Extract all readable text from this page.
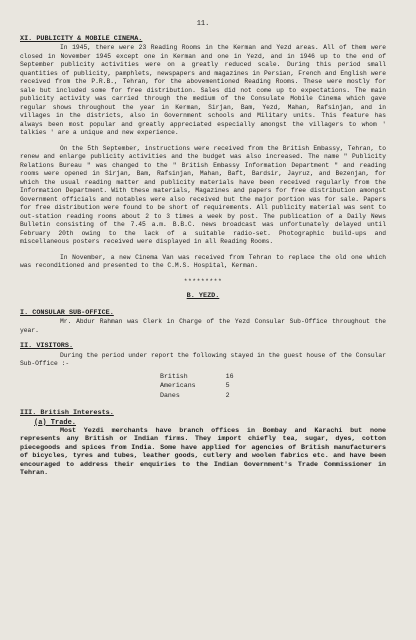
11.
XI. PUBLICITY & MOBILE CINEMA.

In 1945, there were 23 Reading Rooms in the Kerman and Yezd areas. All of them were closed in November 1945 except one in Kerman and one in Yezd, and in 1946 up to the end of September publicity activities were on a greatly reduced scale. During this period small quantities of publicity, pamphlets, newspapers and magazines in Persian, French and English were received from the P.R.B., Tehran, for the abovementioned Reading Rooms. These were mostly for sale but included some for free distribution. Sales did not come up to expectations. The main publicity activity was carried through the medium of the Consulate Mobile Cinema which gave regular shows throughout the year in Kerman, Sirjan, Bam, Yezd, Mahan, Rafsinjan, and in villages in the districts, also in Government schools and Military units. This feature has always been most popular and greatly appreciated especially amongst the villagers to whom ' talkies ' are a unique and new experience.

On the 5th September, instructions were received from the British Embassy, Tehran, to renew and enlarge publicity activities and the budget was also increased. The name " Publicity Relations Bureau " was changed to the " British Embassy Information Department " and reading rooms were opened in Sirjan, Bam, Rafsinjan, Mahan, Baft, Bardsir, Jayruz, and Bezenjan, for which the usual reading matter and publicity materials have been received regularly from the Information Department. With these materials, Magazines and papers for free distribution amongst Government officials and notables were also received but the major portion was for sale. Papers for free distribution were found to be short of requirements. All publicity material was sent to out-station reading rooms about 2 to 3 times a week by post. The publication of a Daily News Bulletin consisting of the 7.45 a.m. B.B.C. news broadcast was unfortunately delayed until February 20th owing to the lack of a suitable radio-set. Photographic build-ups and miscellaneous posters received were displayed in all Reading Rooms.

In November, a new Cinema Van was received from Tehran to replace the old one which was reconditioned and presented to the C.M.S. Hospital, Kerman.

*********
B. YEZD.
I. CONSULAR SUB-OFFICE.

Mr. Abdur Rahman was Clerk in Charge of the Yezd Consular Sub-Office throughout the year.

II. VISITORS.

During the period under report the following stayed in the guest house of the Consular Sub-Office :-

British	16
Americans	5
Danes	2
III. British Interests.
(a) Trade.

Most Yezdi merchants have branch offices in Bombay and Karachi but none represents any British or Indian firms. They import chiefly tea, sugar, dyes, cotton piecegoods and spices from India. Some have applied for agencies of British manufacturers of bicycles, tyres and tubes, leather goods, cutlery and woolen fabrics etc. and have been encouraged to address their enquiries to the Indian Government's Trade Commissioner in Tehran.
